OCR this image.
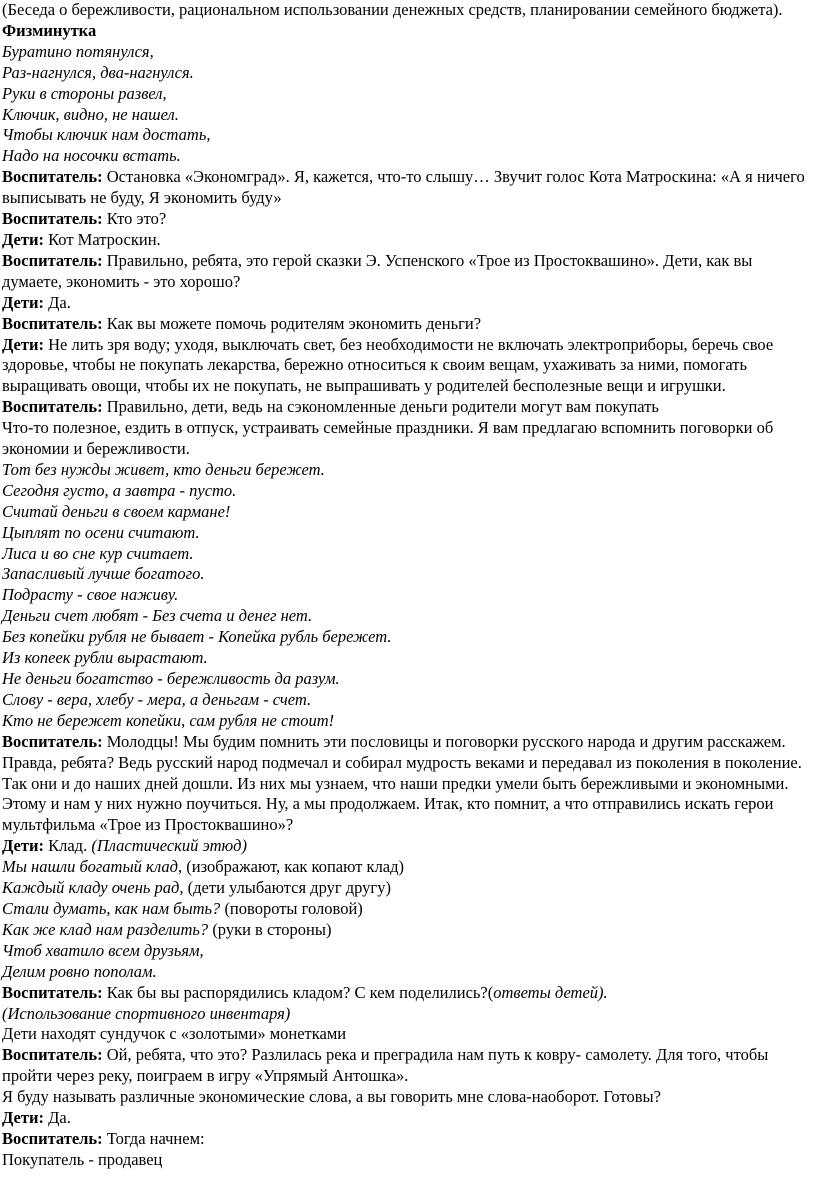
(Беседа о бережливости, рациональном использовании денежных средств, планировании семейного бюджета).

Физминутка

Буратино потянулся,

Раз-нагнулся, два-нагнулся.

Руки в стороны развел,

Ключик, видно, не нашел.

Чтобы ключик нам достать,

Надо на носочки встать.

Воспитатель: Остановка «Экономград». Я, кажется, что-то слышу… Звучит голос Кота Матроскина: «А я ничего выписывать не буду, Я экономить буду»

Воспитатель: Кто это?

Дети: Кот Матроскин.

Воспитатель: Правильно, ребята, это герой сказки Э. Успенского «Трое из Простоквашино». Дети, как вы думаете, экономить - это хорошо?

Дети: Да.

Воспитатель: Как вы можете помочь родителям экономить деньги?

Дети: Не лить зря воду; уходя, выключать свет, без необходимости не включать электроприборы, беречь свое здоровье, чтобы не покупать лекарства, бережно относиться к своим вещам, ухаживать за ними, помогать выращивать овощи, чтобы их не покупать, не выпрашивать у родителей бесполезные вещи и игрушки.

Воспитатель: Правильно, дети, ведь на сэкономленные деньги родители могут вам покупать

Что-то полезное, ездить в отпуск, устраивать семейные праздники. Я вам предлагаю вспомнить поговорки об экономии и бережливости.

Тот без нужды живет, кто деньги бережет.

Сегодня густо, а завтра - пусто.

Считай деньги в своем кармане!

Цыплят по осени считают.

Лиса и во сне кур считает.

Запасливый лучше богатого.

Подрасту - свое наживу.

Деньги счет любят - Без счета и денег нет.

Без копейки рубля не бывает - Копейка рубль бережет.

Из копеек рубли вырастают.

Не деньги богатство - бережливость да разум.

Слову - вера, хлебу - мера, а деньгам - счет.

Кто не бережет копейки, сам рубля не стоит!

Воспитатель: Молодцы! Мы будим помнить эти пословицы и поговорки русского народа и другим расскажем. Правда, ребята? Ведь русский народ подмечал и собирал мудрость веками и передавал из поколения в поколение. Так они и до наших дней дошли. Из них мы узнаем, что наши предки умели быть бережливыми и экономными. Этому и нам у них нужно поучиться. Ну, а мы продолжаем. Итак, кто помнит, а что отправились искать герои мультфильма «Трое из Простоквашино»?

Дети: Клад. (Пластический этюд)

Мы нашли богатый клад, (изображают, как копают клад)

Каждый кладу очень рад, (дети улыбаются друг другу)

Стали думать, как нам быть? (повороты головой)

Как же клад нам разделить? (руки в стороны)

Чтоб хватило всем друзьям,

Делим ровно пополам.

Воспитатель: Как бы вы распорядились кладом? С кем поделились?(ответы детей).

(Использование спортивного инвентаря)

Дети находят сундучок с «золотыми» монетками

Воспитатель: Ой, ребята, что это? Разлилась река и преградила нам путь к ковру- самолету. Для того, чтобы пройти через реку, поиграем в игру «Упрямый Антошка».

Я буду называть различные экономические слова, а вы говорить мне слова-наоборот. Готовы?

Дети: Да.

Воспитатель: Тогда начнем:

Покупатель - продавец
